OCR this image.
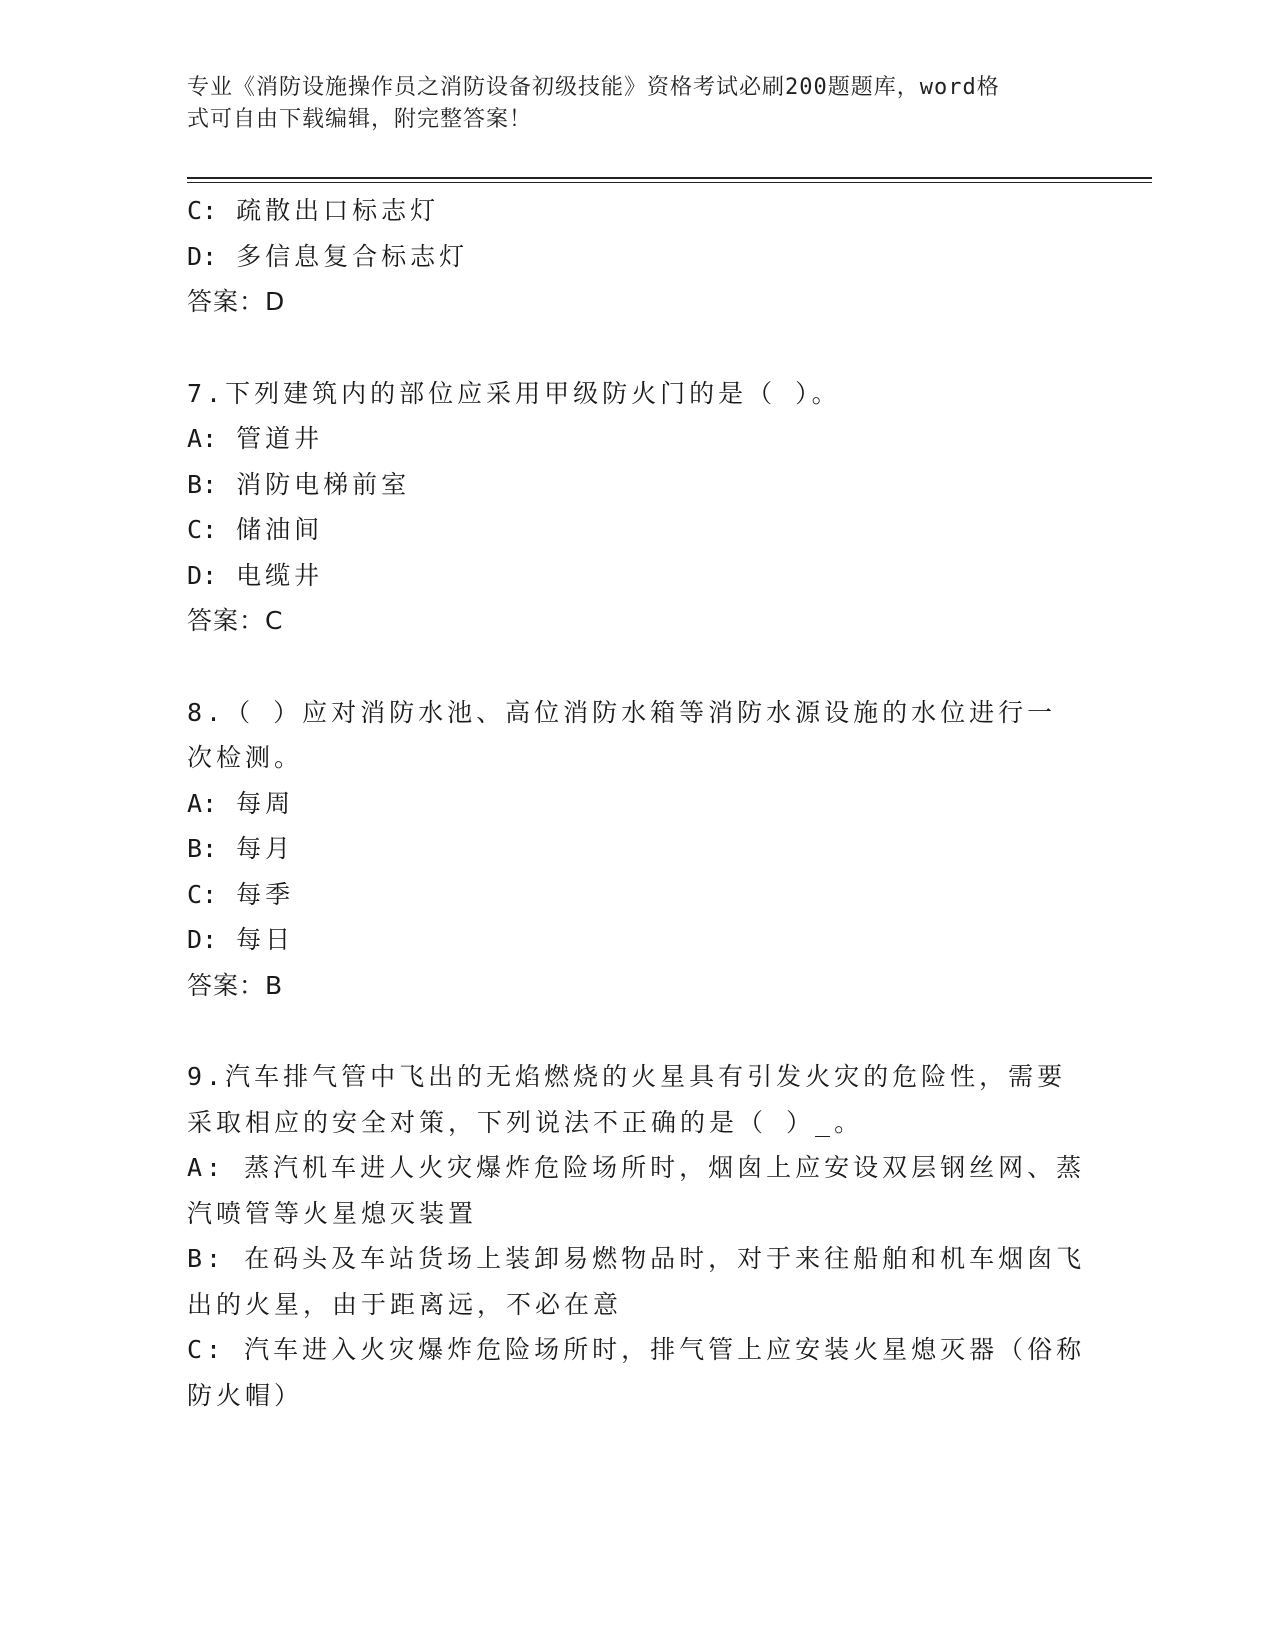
专业《消防设施操作员之消防设备初级技能》资格考试必刷200题题库，word格
式可自由下载编辑，附完整答案！
C: 疏散出口标志灯
D: 多信息复合标志灯
答案：D
7.下列建筑内的部位应采用甲级防火门的是（ ）。
A: 管道井
B: 消防电梯前室
C: 储油间
D: 电缆井
答案：C
8.（ ）应对消防水池、高位消防水箱等消防水源设施的水位进行一
次检测。
A: 每周
B: 每月
C: 每季
D: 每日
答案：B
9.汽车排气管中飞出的无焰燃烧的火星具有引发火灾的危险性，需要
采取相应的安全对策，下列说法不正确的是（ ）_。
A: 蒸汽机车进人火灾爆炸危险场所时，烟囱上应安设双层钢丝网、蒸
汽喷管等火星熄灭装置
B: 在码头及车站货场上装卸易燃物品时，对于来往船舶和机车烟囱飞
出的火星，由于距离远，不必在意
C: 汽车进入火灾爆炸危险场所时，排气管上应安装火星熄灭器（俗称
防火帽）
